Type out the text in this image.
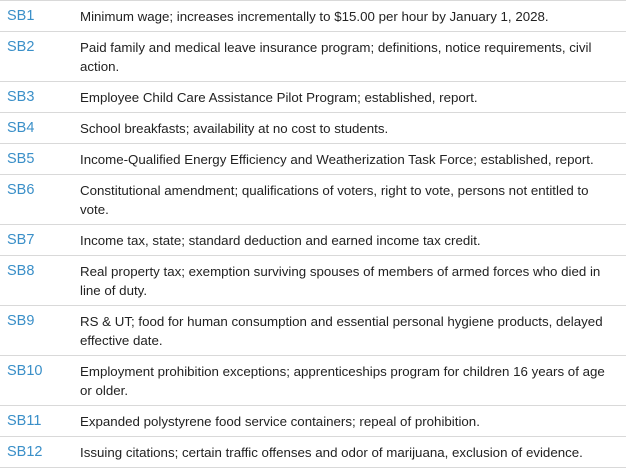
SB1	Minimum wage; increases incrementally to $15.00 per hour by January 1, 2028.
SB2	Paid family and medical leave insurance program; definitions, notice requirements, civil action.
SB3	Employee Child Care Assistance Pilot Program; established, report.
SB4	School breakfasts; availability at no cost to students.
SB5	Income-Qualified Energy Efficiency and Weatherization Task Force; established, report.
SB6	Constitutional amendment; qualifications of voters, right to vote, persons not entitled to vote.
SB7	Income tax, state; standard deduction and earned income tax credit.
SB8	Real property tax; exemption surviving spouses of members of armed forces who died in line of duty.
SB9	RS & UT; food for human consumption and essential personal hygiene products, delayed effective date.
SB10	Employment prohibition exceptions; apprenticeships program for children 16 years of age or older.
SB11	Expanded polystyrene food service containers; repeal of prohibition.
SB12	Issuing citations; certain traffic offenses and odor of marijuana, exclusion of evidence.
